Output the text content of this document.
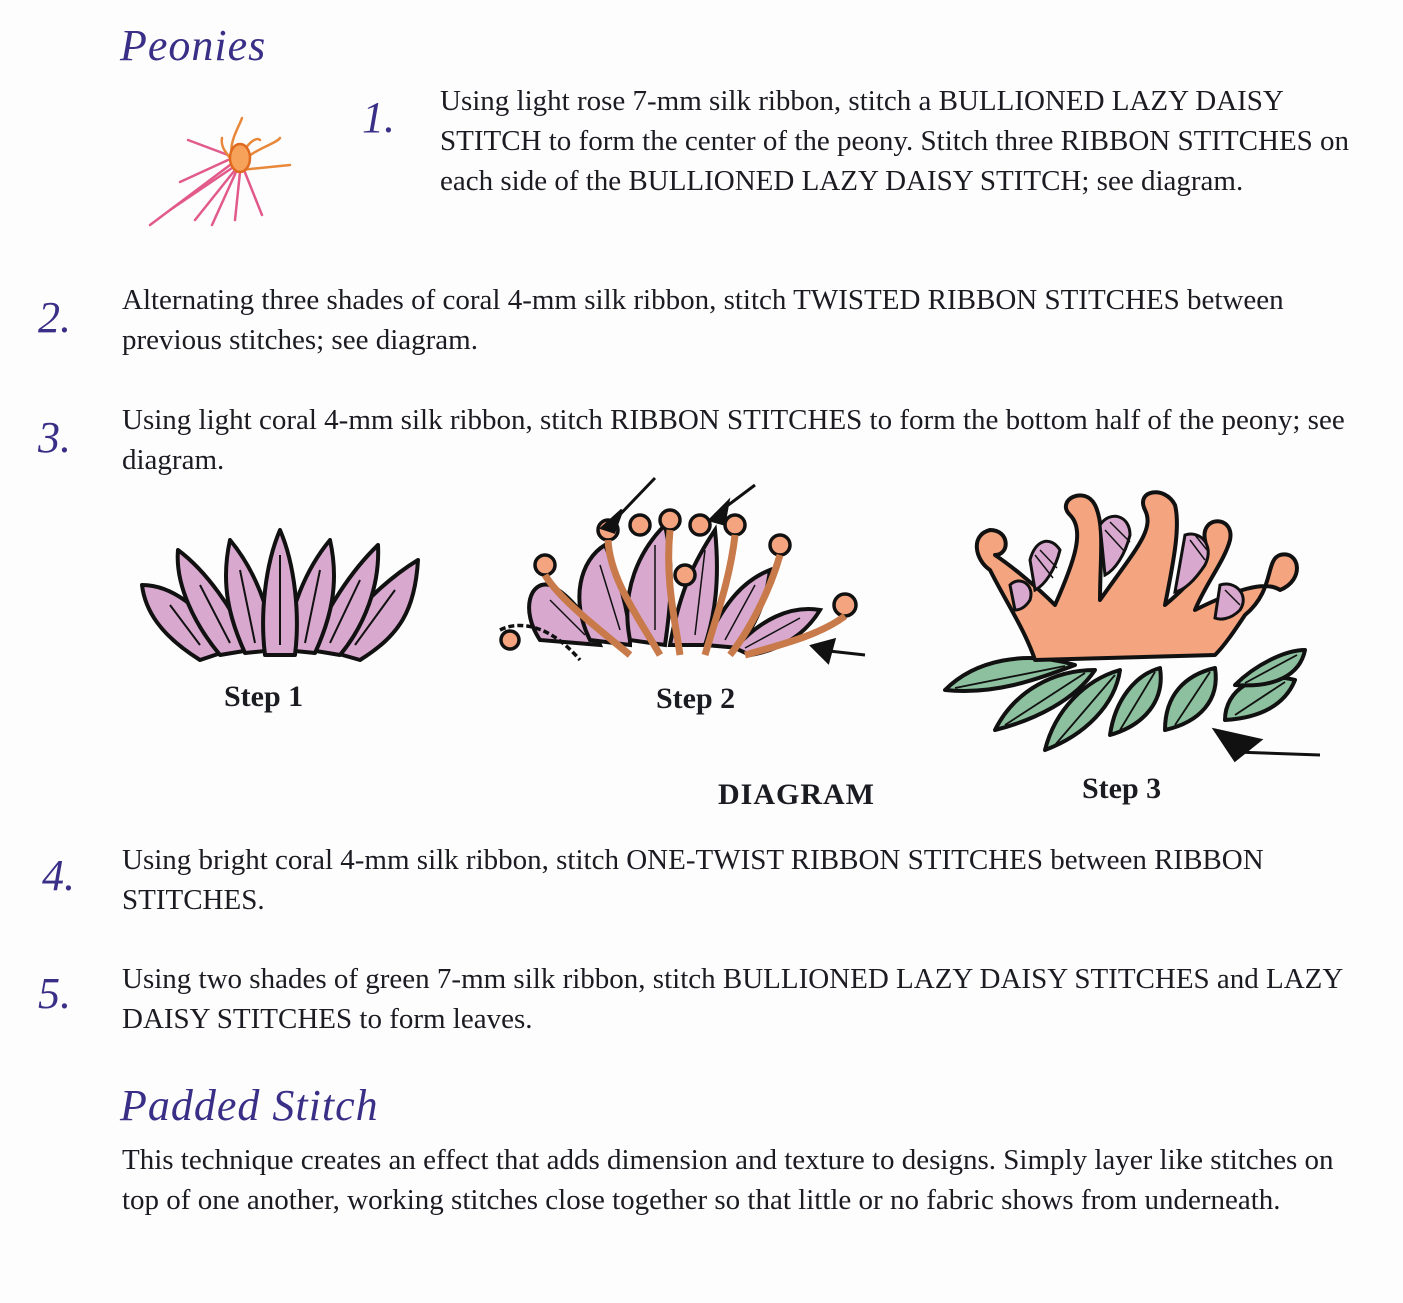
Peonies
1. Using light rose 7-mm silk ribbon, stitch a BULLIONED LAZY DAISY STITCH to form the center of the peony. Stitch three RIBBON STITCHES on each side of the BULLIONED LAZY DAISY STITCH; see diagram.
2. Alternating three shades of coral 4-mm silk ribbon, stitch TWISTED RIBBON STITCHES between previous stitches; see diagram.
3. Using light coral 4-mm silk ribbon, stitch RIBBON STITCHES to form the bottom half of the peony; see diagram.
Step 1	Step 2
Step 3
DIAGRAM
4. Using bright coral 4-mm silk ribbon, stitch ONE-TWIST RIBBON STITCHES between RIBBON STITCHES.
5. Using two shades of green 7-mm silk ribbon, stitch BULLIONED LAZY DAISY STITCHES and LAZY DAISY STITCHES to form leaves.
Padded Stitch
This technique creates an effect that adds dimension and texture to designs. Simply layer like stitches on top of one another, working stitches close together so that little or no fabric shows from underneath.
